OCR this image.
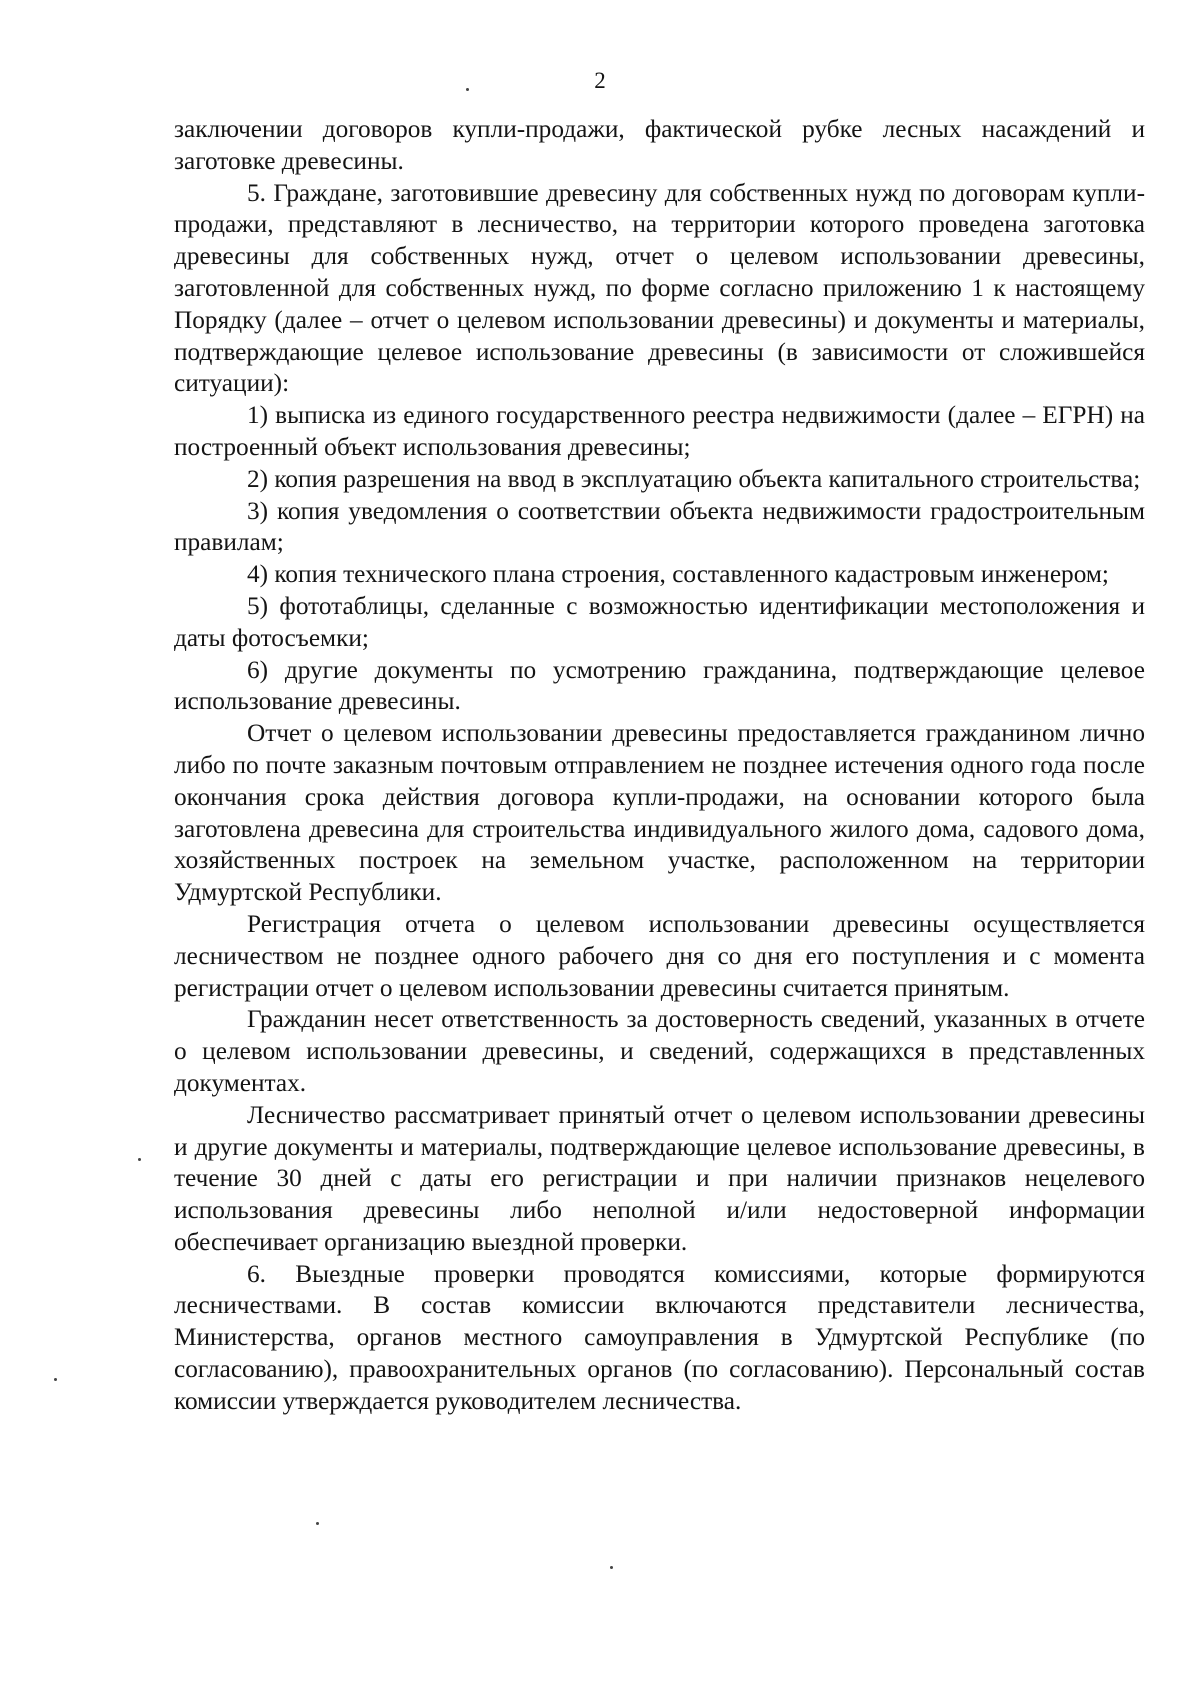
2

заключении договоров купли-продажи, фактической рубке лесных насаждений и заготовке древесины.

5. Граждане, заготовившие древесину для собственных нужд по договорам купли-продажи, представляют в лесничество, на территории которого проведена заготовка древесины для собственных нужд, отчет о целевом использовании древесины, заготовленной для собственных нужд, по форме согласно приложению 1 к настоящему Порядку (далее – отчет о целевом использовании древесины) и документы и материалы, подтверждающие целевое использование древесины (в зависимости от сложившейся ситуации):

1) выписка из единого государственного реестра недвижимости (далее – ЕГРН) на построенный объект использования древесины;

2) копия разрешения на ввод в эксплуатацию объекта капитального строительства;

3) копия уведомления о соответствии объекта недвижимости градостроительным правилам;

4) копия технического плана строения, составленного кадастровым инженером;

5) фототаблицы, сделанные с возможностью идентификации местоположения и даты фотосъемки;

6) другие документы по усмотрению гражданина, подтверждающие целевое использование древесины.

Отчет о целевом использовании древесины предоставляется гражданином лично либо по почте заказным почтовым отправлением не позднее истечения одного года после окончания срока действия договора купли-продажи, на основании которого была заготовлена древесина для строительства индивидуального жилого дома, садового дома, хозяйственных построек на земельном участке, расположенном на территории Удмуртской Республики.

Регистрация отчета о целевом использовании древесины осуществляется лесничеством не позднее одного рабочего дня со дня его поступления и с момента регистрации отчет о целевом использовании древесины считается принятым.

Гражданин несет ответственность за достоверность сведений, указанных в отчете о целевом использовании древесины, и сведений, содержащихся в представленных документах.

Лесничество рассматривает принятый отчет о целевом использовании древесины и другие документы и материалы, подтверждающие целевое использование древесины, в течение 30 дней с даты его регистрации и при наличии признаков нецелевого использования древесины либо неполной и/или недостоверной информации обеспечивает организацию выездной проверки.

6. Выездные проверки проводятся комиссиями, которые формируются лесничествами. В состав комиссии включаются представители лесничества, Министерства, органов местного самоуправления в Удмуртской Республике (по согласованию), правоохранительных органов (по согласованию). Персональный состав комиссии утверждается руководителем лесничества.
